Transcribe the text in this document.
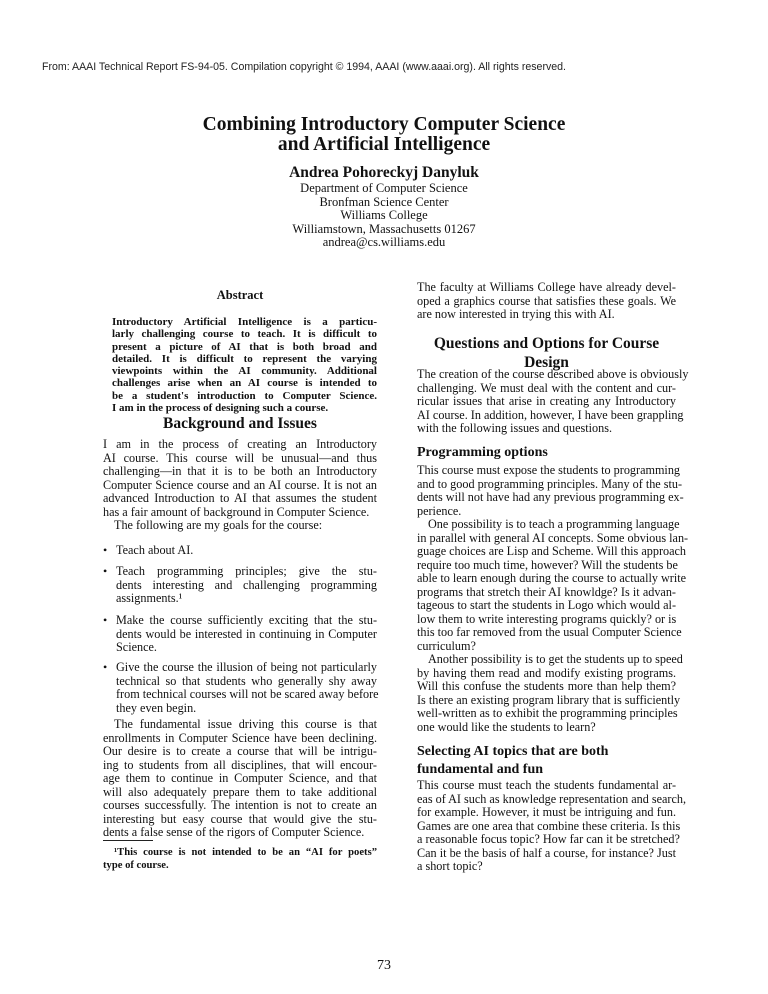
From: AAAI Technical Report FS-94-05. Compilation copyright © 1994, AAAI (www.aaai.org). All rights reserved.
Combining Introductory Computer Science
and Artificial Intelligence
Andrea Pohoreckyj Danyluk
Department of Computer Science
Bronfman Science Center
Williams College
Williamstown, Massachusetts 01267
andrea@cs.williams.edu
Abstract
Introductory Artificial Intelligence is a particu-
larly challenging course to teach. It is difficult to
present a picture of AI that is both broad and
detailed. It is difficult to represent the varying
viewpoints within the AI community. Additional
challenges arise when an AI course is intended to
be a student's introduction to Computer Science.
I am in the process of designing such a course.
Background and Issues
I am in the process of creating an Introductory
AI course. This course will be unusual—and thus
challenging—in that it is to be both an Introductory
Computer Science course and an AI course. It is not an
advanced Introduction to AI that assumes the student
has a fair amount of background in Computer Science.
The following are my goals for the course:
• Teach about AI.
• Teach programming principles; give the stu-
dents interesting and challenging programming
assignments.¹
• Make the course sufficiently exciting that the stu-
dents would be interested in continuing in Computer
Science.
• Give the course the illusion of being not particularly
technical so that students who generally shy away
from technical courses will not be scared away before
they even begin.
The fundamental issue driving this course is that
enrollments in Computer Science have been declining.
Our desire is to create a course that will be intrigu-
ing to students from all disciplines, that will encour-
age them to continue in Computer Science, and that
will also adequately prepare them to take additional
courses successfully. The intention is not to create an
interesting but easy course that would give the stu-
dents a false sense of the rigors of Computer Science.
¹This course is not intended to be an “AI for poets”
type of course.
The faculty at Williams College have already devel-
oped a graphics course that satisfies these goals. We
are now interested in trying this with AI.
Questions and Options for Course
Design
The creation of the course described above is obviously
challenging. We must deal with the content and cur-
ricular issues that arise in creating any Introductory
AI course. In addition, however, I have been grappling
with the following issues and questions.
Programming options
This course must expose the students to programming
and to good programming principles. Many of the stu-
dents will not have had any previous programming ex-
perience.
One possibility is to teach a programming language
in parallel with general AI concepts. Some obvious lan-
guage choices are Lisp and Scheme. Will this approach
require too much time, however? Will the students be
able to learn enough during the course to actually write
programs that stretch their AI knowldge? Is it advan-
tageous to start the students in Logo which would al-
low them to write interesting programs quickly? or is
this too far removed from the usual Computer Science
curriculum?
Another possibility is to get the students up to speed
by having them read and modify existing programs.
Will this confuse the students more than help them?
Is there an existing program library that is sufficiently
well-written as to exhibit the programming principles
one would like the students to learn?
Selecting AI topics that are both
fundamental and fun
This course must teach the students fundamental ar-
eas of AI such as knowledge representation and search,
for example. However, it must be intriguing and fun.
Games are one area that combine these criteria. Is this
a reasonable focus topic? How far can it be stretched?
Can it be the basis of half a course, for instance? Just
a short topic?
73
